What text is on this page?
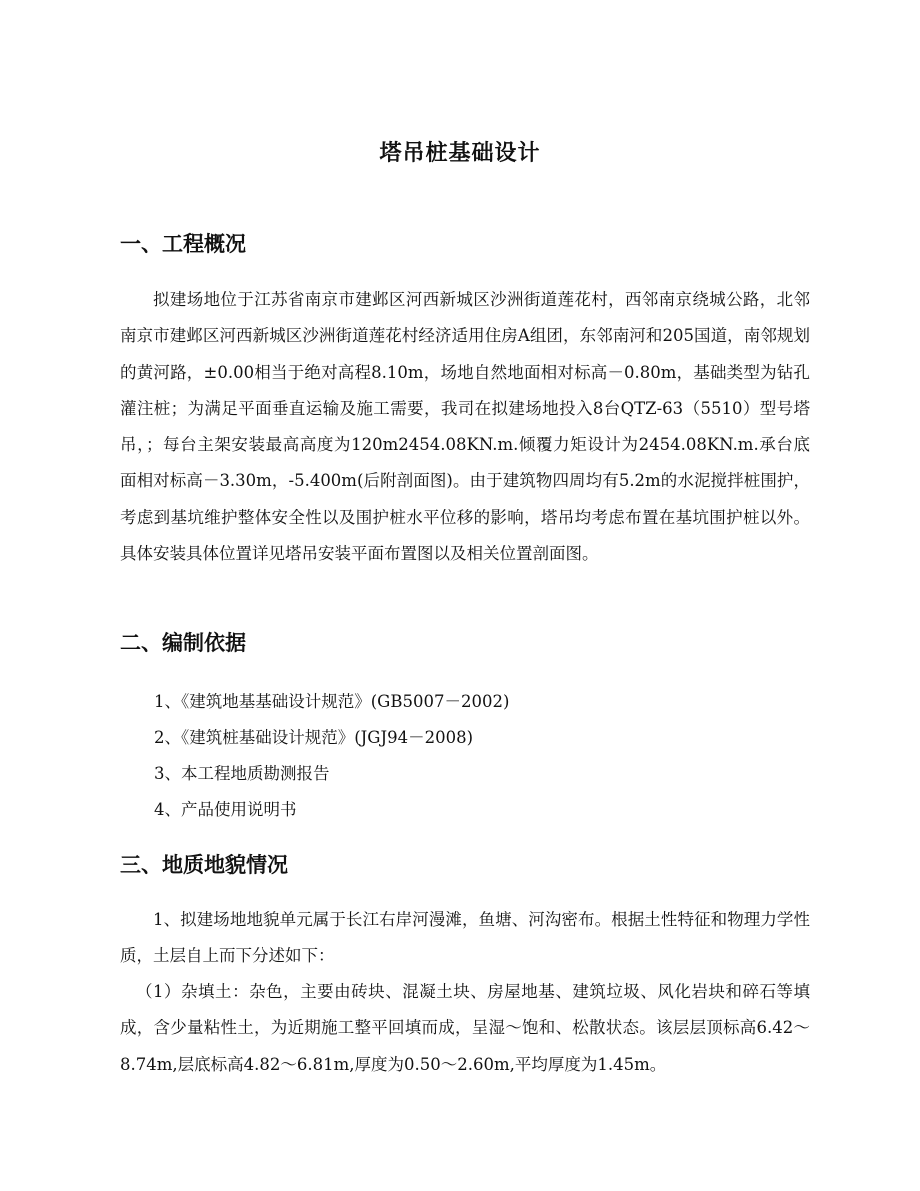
塔吊桩基础设计
一、工程概况

拟建场地位于江苏省南京市建邺区河西新城区沙洲街道莲花村，西邻南京绕城公路，北邻南京市建邺区河西新城区沙洲街道莲花村经济适用住房A组团，东邻南河和205国道，南邻规划的黄河路，±0.00相当于绝对高程8.10m，场地自然地面相对标高－0.80m，基础类型为钻孔灌注桩；为满足平面垂直运输及施工需要，我司在拟建场地投入8台QTZ-63（5510）型号塔吊，；每台主架安装最高高度为120m2454.08KN.m.倾覆力矩设计为2454.08KN.m.承台底面相对标高－3.30m，-5.400m(后附剖面图)。由于建筑物四周均有5.2m的水泥搅拌桩围护，考虑到基坑维护整体安全性以及围护桩水平位移的影响，塔吊均考虑布置在基坑围护桩以外。具体安装具体位置详见塔吊安装平面布置图以及相关位置剖面图。

二、编制依据
1、《建筑地基基础设计规范》(GB5007－2002)
2、《建筑桩基础设计规范》(JGJ94－2008)
3、本工程地质勘测报告
4、产品使用说明书
三、地质地貌情况

1、拟建场地地貌单元属于长江右岸河漫滩，鱼塘、河沟密布。根据土性特征和物理力学性质，土层自上而下分述如下：

（1）杂填土：杂色，主要由砖块、混凝土块、房屋地基、建筑垃圾、风化岩块和碎石等填成，含少量粘性土，为近期施工整平回填而成，呈湿～饱和、松散状态。该层层顶标高6.42～8.74m,层底标高4.82～6.81m,厚度为0.50～2.60m,平均厚度为1.45m。
